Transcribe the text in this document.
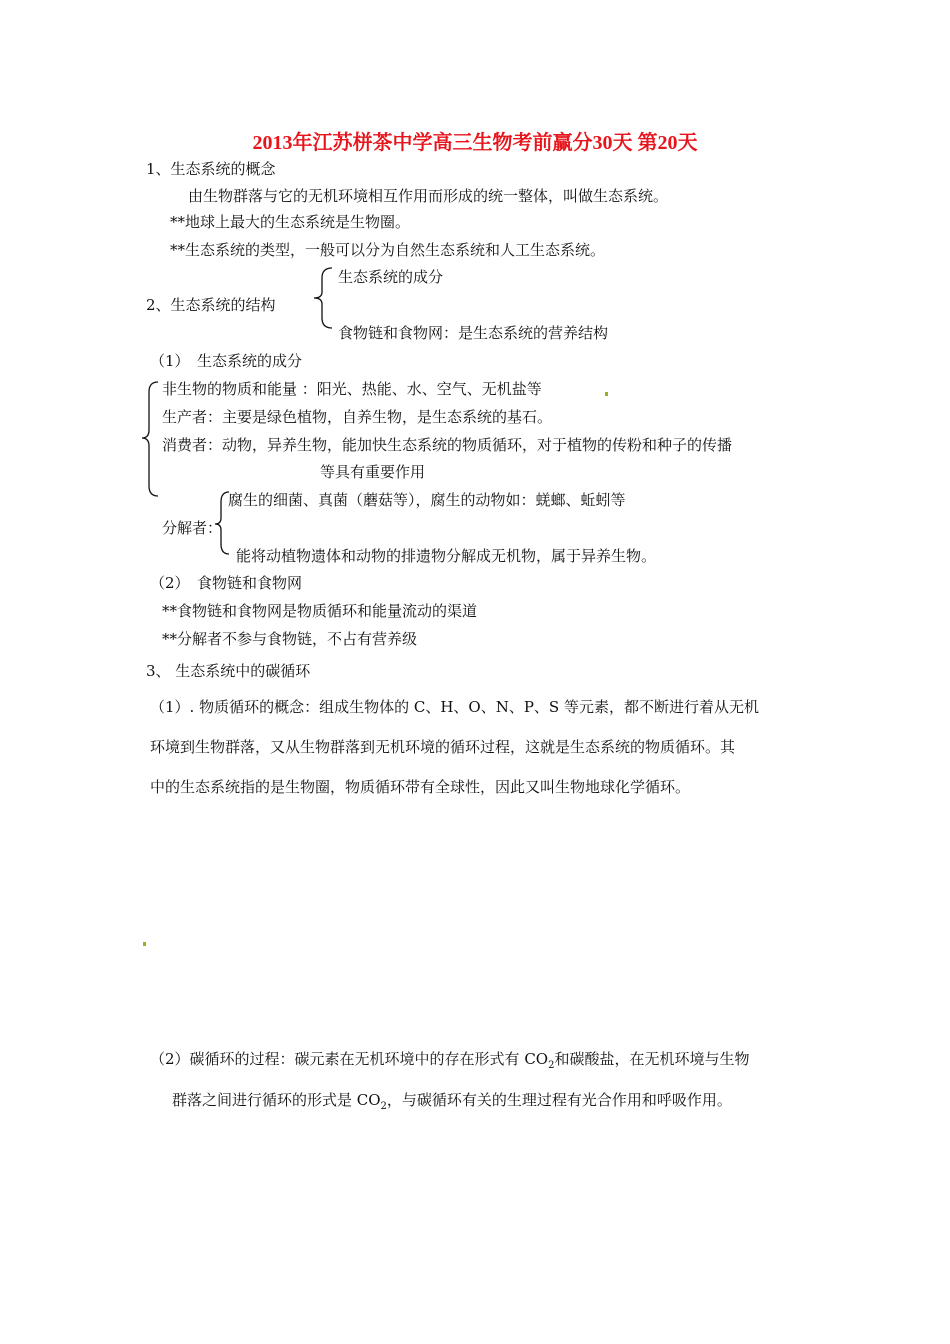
2013年江苏栟茶中学高三生物考前赢分30天 第20天
1、生态系统的概念
由生物群落与它的无机环境相互作用而形成的统一整体，叫做生态系统。
**地球上最大的生态系统是生物圈。
**生态系统的类型，一般可以分为自然生态系统和人工生态系统。
2、生态系统的结构
生态系统的成分
食物链和食物网：是生态系统的营养结构
（1）　生态系统的成分
非生物的物质和能量 ：阳光、热能、水、空气、无机盐等
生产者：主要是绿色植物，自养生物，是生态系统的基石。
消费者：动物，异养生物，能加快生态系统的物质循环，对于植物的传粉和种子的传播
等具有重要作用
分解者：
腐生的细菌、真菌（蘑菇等），腐生的动物如：蜣螂、蚯蚓等
能将动植物遗体和动物的排遗物分解成无机物，属于异养生物。
（2）　食物链和食物网
**食物链和食物网是物质循环和能量流动的渠道
**分解者不参与食物链，不占有营养级
3、 生态系统中的碳循环
（1）. 物质循环的概念：组成生物体的 C、H、O、N、P、S 等元素，都不断进行着从无机
环境到生物群落，又从生物群落到无机环境的循环过程，这就是生态系统的物质循环。其
中的生态系统指的是生物圈，物质循环带有全球性，因此又叫生物地球化学循环。
（2）碳循环的过程：碳元素在无机环境中的存在形式有 $CO_2$和碳酸盐，在无机环境与生物
群落之间进行循环的形式是 $CO_2$，与碳循环有关的生理过程有光合作用和呼吸作用。
